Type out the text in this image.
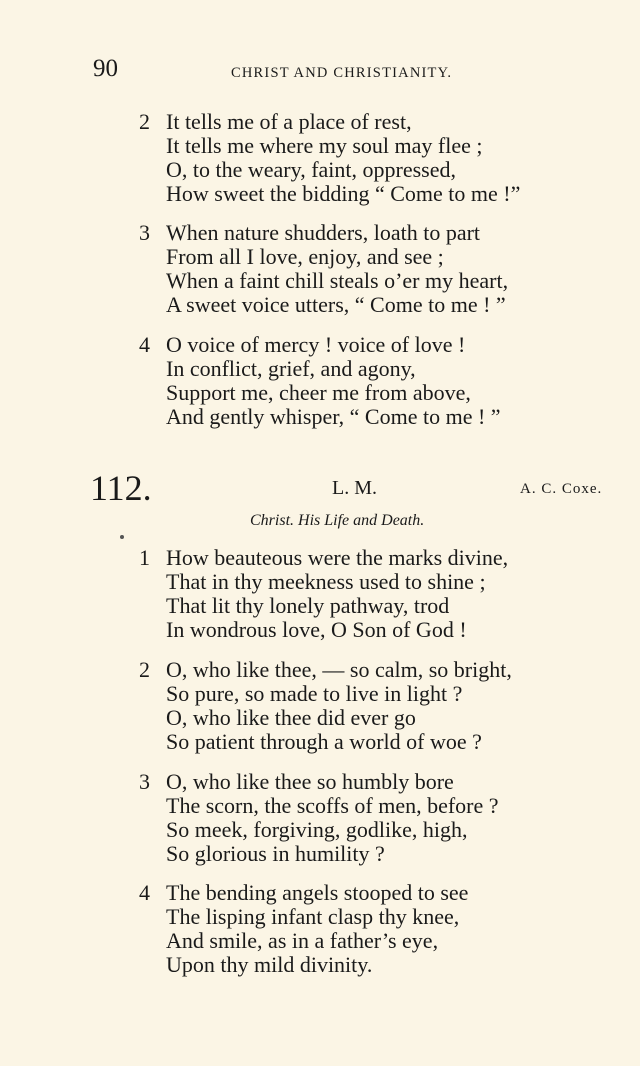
90	CHRIST AND CHRISTIANITY.
2 It tells me of a place of rest,
It tells me where my soul may flee ;
O, to the weary, faint, oppressed,
How sweet the bidding “ Come to me !”
3 When nature shudders, loath to part
From all I love, enjoy, and see ;
When a faint chill steals o’er my heart,
A sweet voice utters, “ Come to me ! ”
4 O voice of mercy ! voice of love !
In conflict, grief, and agony,
Support me, cheer me from above,
And gently whisper, “ Come to me ! ”
112.	L. M.	A. C. Coxe.
Christ. His Life and Death.
1 How beauteous were the marks divine,
That in thy meekness used to shine ;
That lit thy lonely pathway, trod
In wondrous love, O Son of God !
2 O, who like thee, — so calm, so bright,
So pure, so made to live in light ?
O, who like thee did ever go
So patient through a world of woe ?
3 O, who like thee so humbly bore
The scorn, the scoffs of men, before ?
So meek, forgiving, godlike, high,
So glorious in humility ?
4 The bending angels stooped to see
The lisping infant clasp thy knee,
And smile, as in a father’s eye,
Upon thy mild divinity.
